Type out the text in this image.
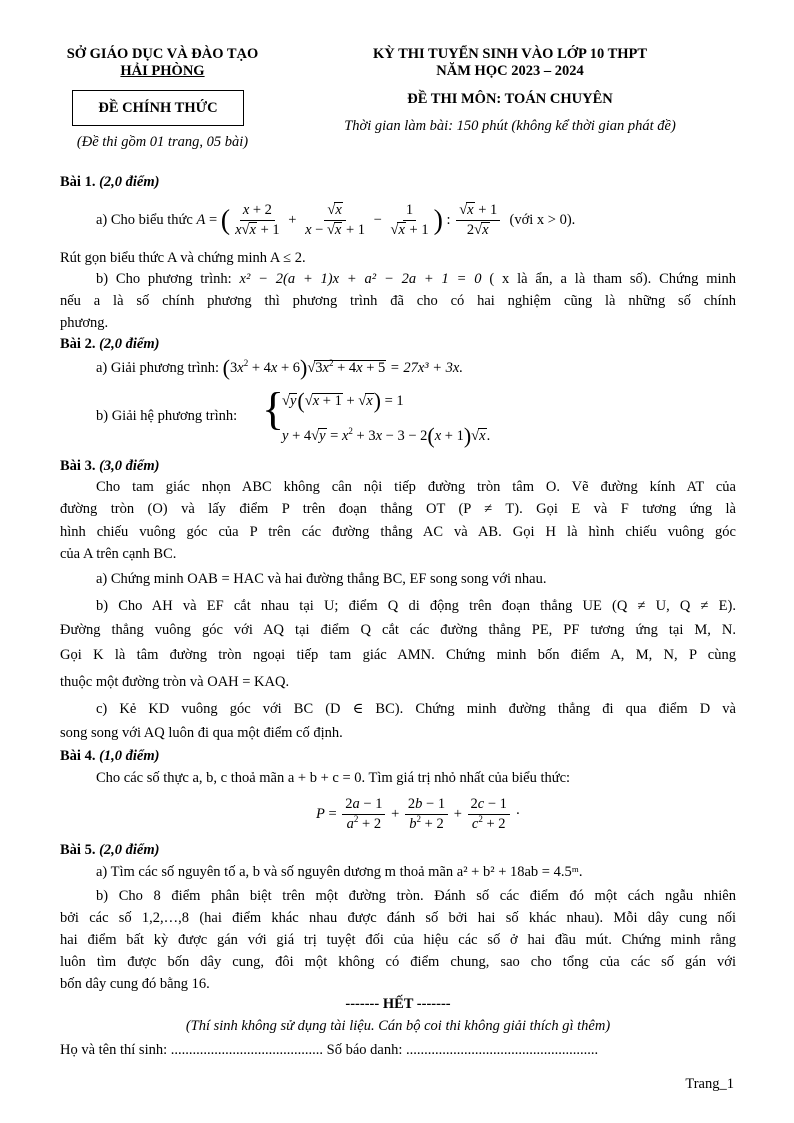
SỞ GIÁO DỤC VÀ ĐÀO TẠO
HẢI PHÒNG
ĐỀ CHÍNH THỨC
(Đề thi gồm 01 trang, 05 bài)
KỲ THI TUYỂN SINH VÀO LỚP 10 THPT
NĂM HỌC 2023 – 2024
ĐỀ THI MÔN: TOÁN CHUYÊN
Thời gian làm bài: 150 phút (không kể thời gian phát đề)
Bài 1. (2,0 điểm)
a) Cho biểu thức A = ( $\frac{x + 2}{x√x + 1} + \frac{√x}{x - √x + 1} - \frac{1}{√x + 1}$ ) : $\frac{√x + 1}{2√x}$ (với x > 0).
Rút gọn biểu thức A và chứng minh A ≤ 2.
b) Cho phương trình: x² − 2(a + 1)x + a² − 2a + 1 = 0 ( x là ẩn, a là tham số). Chứng minh
nếu a là số chính phương thì phương trình đã cho có hai nghiệm cũng là những số chính
phương.
Bài 2. (2,0 điểm)
a) Giải phương trình: $(3x^2 + 4x + 6)√3x^2 + 4x + 5 = 27x^3 + 3x$.
b) Giải hệ phương trình: {
√y(√x + 1 + √x) = 1
$y + 4√y = x^2 + 3x - 3 - 2(x + 1)√x$.
Bài 3. (3,0 điểm)
Cho tam giác nhọn ABC không cân nội tiếp đường tròn tâm O. Vẽ đường kính AT của
đường tròn (O) và lấy điểm P trên đoạn thẳng OT (P ≠ T). Gọi E và F tương ứng là
hình chiếu vuông góc của P trên các đường thẳng AC và AB. Gọi H là hình chiếu vuông góc
của A trên cạnh BC.
a) Chứng minh OAB = HAC và hai đường thẳng BC, EF song song với nhau.
b) Cho AH và EF cắt nhau tại U; điểm Q di động trên đoạn thẳng UE (Q ≠ U, Q ≠ E).
Đường thẳng vuông góc với AQ tại điểm Q cắt các đường thẳng PE, PF tương ứng tại M, N.
Gọi K là tâm đường tròn ngoại tiếp tam giác AMN. Chứng minh bốn điểm A, M, N, P cùng
thuộc một đường tròn và OAH = KAQ.
c) Kẻ KD vuông góc với BC (D ∈ BC). Chứng minh đường thẳng đi qua điểm D và
song song với AQ luôn đi qua một điểm cố định.
Bài 4. (1,0 điểm)
Cho các số thực a, b, c thoả mãn a + b + c = 0. Tìm giá trị nhỏ nhất của biểu thức:
$P = \frac{2a - 1}{a^2 + 2} + \frac{2b - 1}{b^2 + 2} + \frac{2c - 1}{c^2 + 2}$ ·
Bài 5. (2,0 điểm)
a) Tìm các số nguyên tố a, b và số nguyên dương m thoả mãn a² + b² + 18ab = 4.5ᵐ.
b) Cho 8 điểm phân biệt trên một đường tròn. Đánh số các điểm đó một cách ngẫu nhiên
bởi các số 1,2,…,8 (hai điểm khác nhau được đánh số bởi hai số khác nhau). Mỗi dây cung nối
hai điểm bất kỳ được gán với giá trị tuyệt đối của hiệu các số ở hai đầu mút. Chứng minh rằng
luôn tìm được bốn dây cung, đôi một không có điểm chung, sao cho tổng của các số gán với
bốn dây cung đó bằng 16.
------- HẾT -------
(Thí sinh không sử dụng tài liệu. Cán bộ coi thi không giải thích gì thêm)
Họ và tên thí sinh: .......................................... Số báo danh: .....................................................
Trang_1
